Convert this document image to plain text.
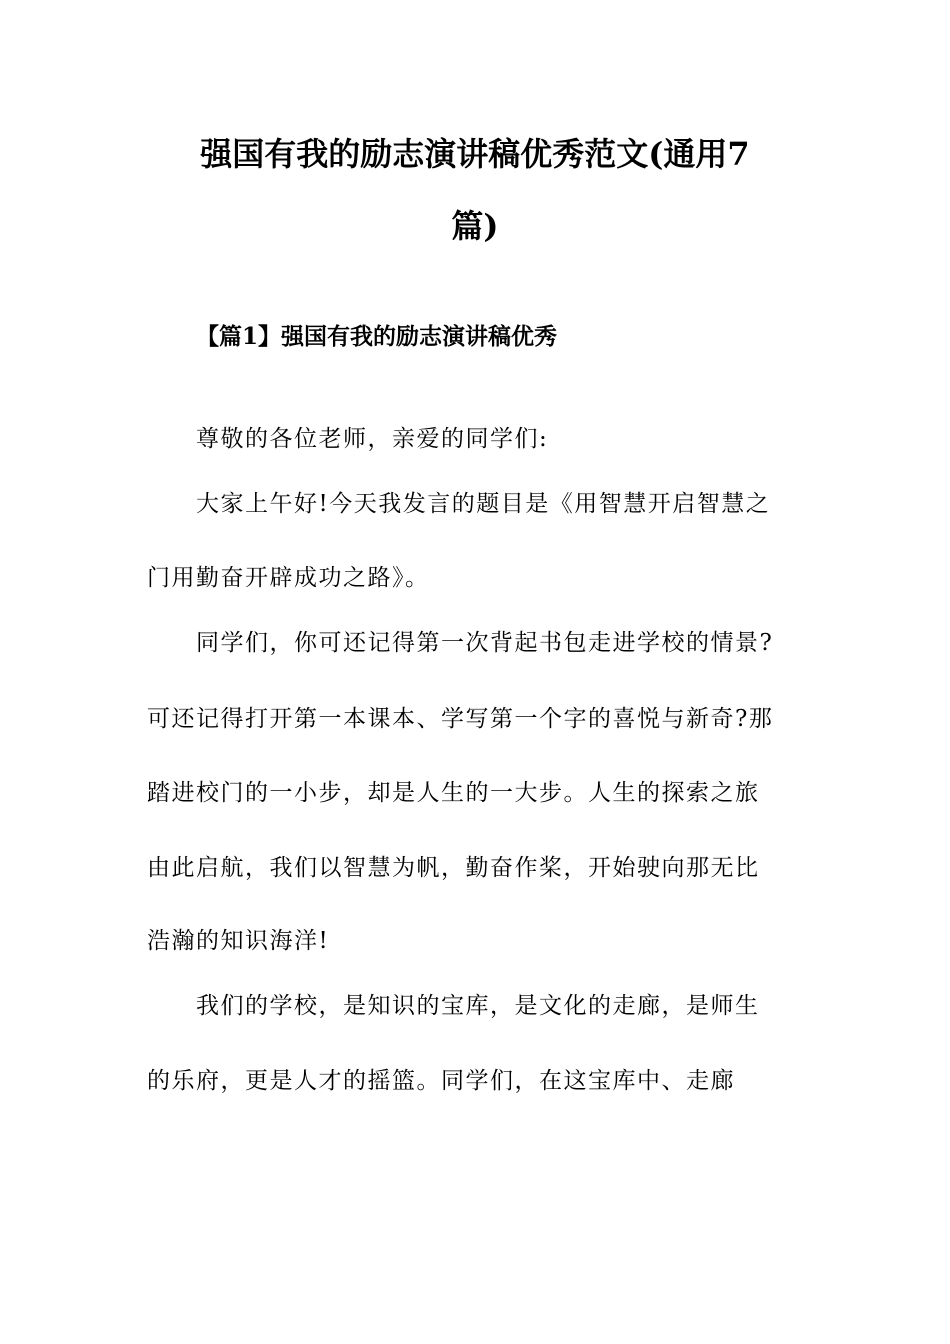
强国有我的励志演讲稿优秀范文(通用7
篇)
【篇1】强国有我的励志演讲稿优秀
尊敬的各位老师，亲爱的同学们:
大家上午好!今天我发言的题目是《用智慧开启智慧之
门用勤奋开辟成功之路》。
同学们，你可还记得第一次背起书包走进学校的情景?
可还记得打开第一本课本、学写第一个字的喜悦与新奇?那
踏进校门的一小步，却是人生的一大步。人生的探索之旅
由此启航，我们以智慧为帆，勤奋作桨，开始驶向那无比
浩瀚的知识海洋!
我们的学校，是知识的宝库，是文化的走廊，是师生
的乐府，更是人才的摇篮。同学们，在这宝库中、走廊
